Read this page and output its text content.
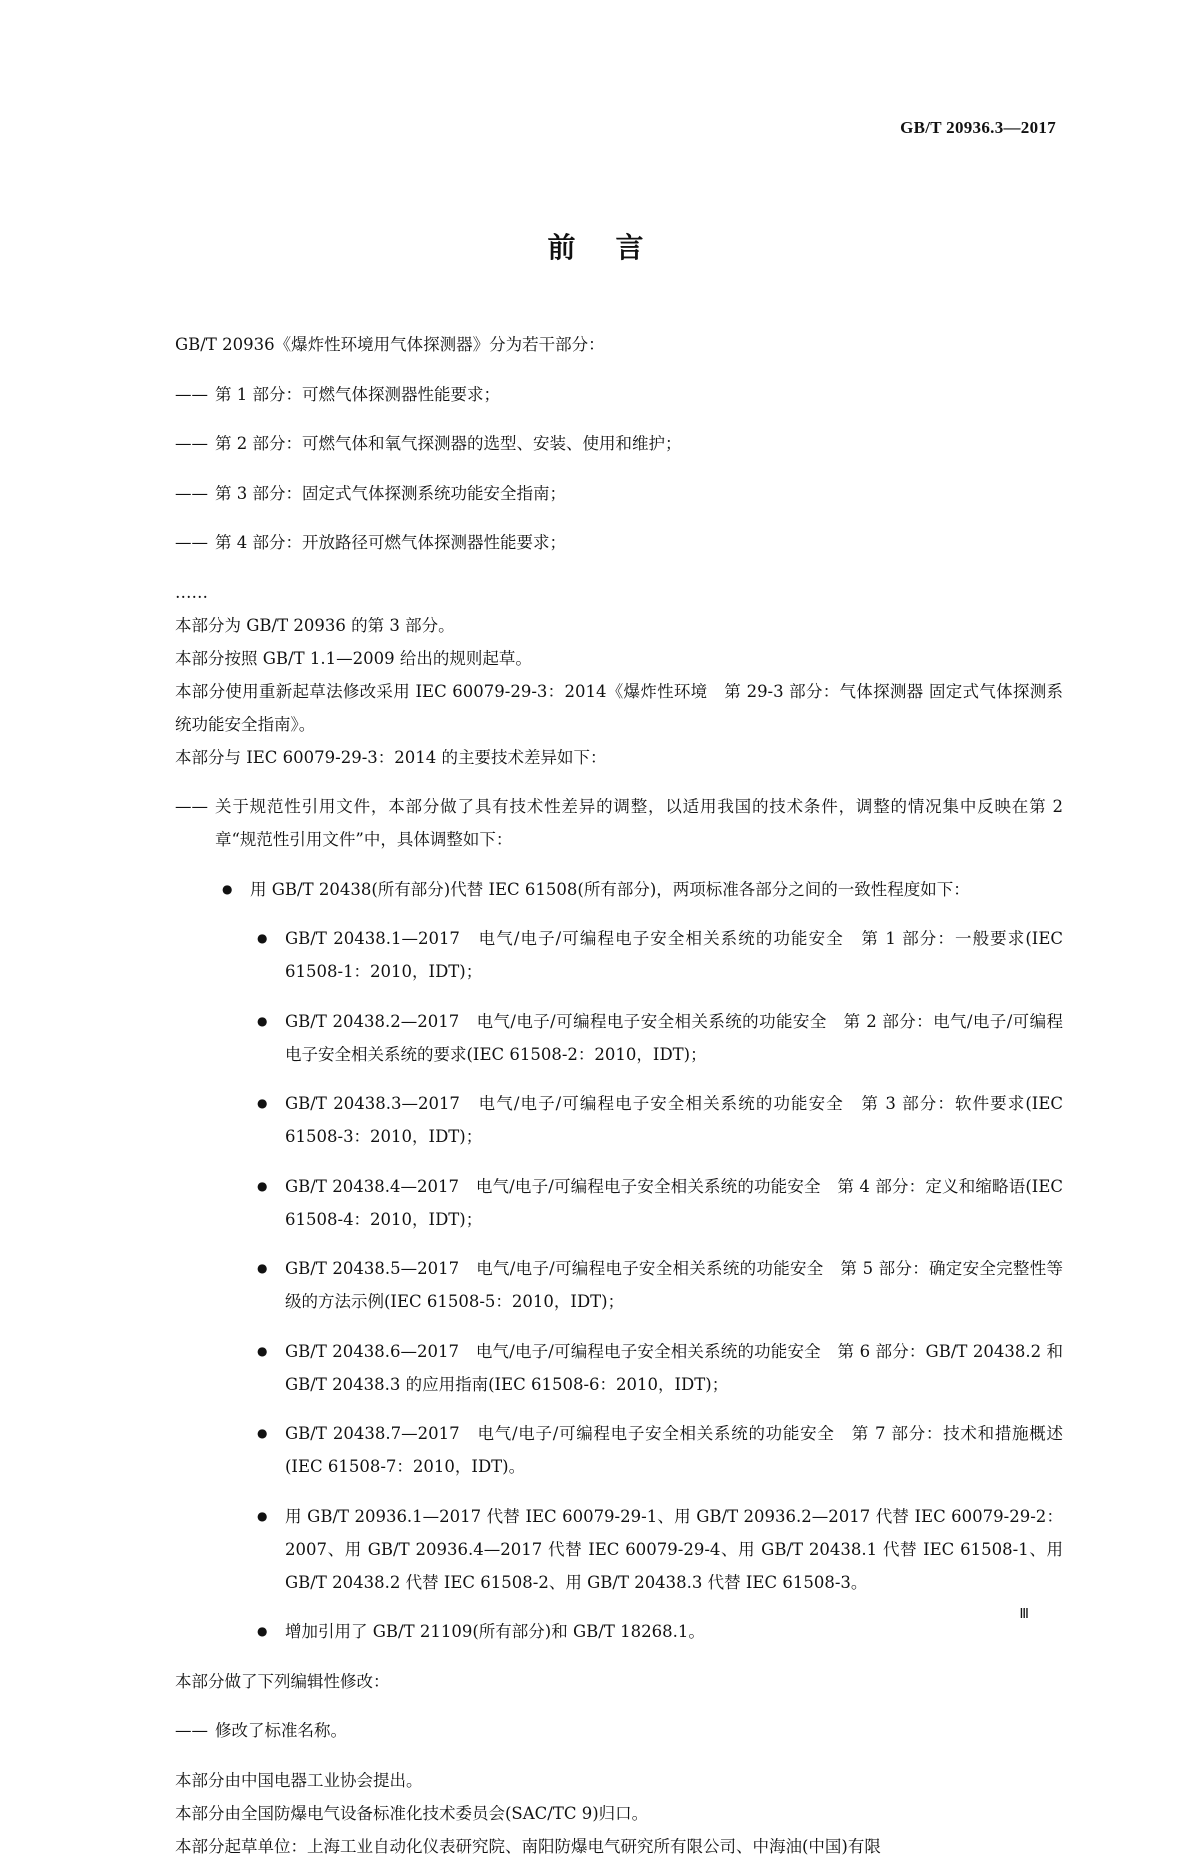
GB/T 20936.3—2017
前言

GB/T 20936《爆炸性环境用气体探测器》分为若干部分：

—— 第 1 部分：可燃气体探测器性能要求；

—— 第 2 部分：可燃气体和氧气探测器的选型、安装、使用和维护；

—— 第 3 部分：固定式气体探测系统功能安全指南；

—— 第 4 部分：开放路径可燃气体探测器性能要求；

……

本部分为 GB/T 20936 的第 3 部分。

本部分按照 GB/T 1.1—2009 给出的规则起草。

本部分使用重新起草法修改采用 IEC 60079-29-3：2014《爆炸性环境　第 29-3 部分：气体探测器 固定式气体探测系统功能安全指南》。

本部分与 IEC 60079-29-3：2014 的主要技术差异如下：

—— 关于规范性引用文件，本部分做了具有技术性差异的调整，以适用我国的技术条件，调整的情况集中反映在第 2 章“规范性引用文件”中，具体调整如下：

● 用 GB/T 20438(所有部分)代替 IEC 61508(所有部分)，两项标准各部分之间的一致性程度如下：

● GB/T 20438.1—2017　电气/电子/可编程电子安全相关系统的功能安全　第 1 部分：一般要求(IEC 61508-1：2010，IDT)；

● GB/T 20438.2—2017　电气/电子/可编程电子安全相关系统的功能安全　第 2 部分：电气/电子/可编程电子安全相关系统的要求(IEC 61508-2：2010，IDT)；

● GB/T 20438.3—2017　电气/电子/可编程电子安全相关系统的功能安全　第 3 部分：软件要求(IEC 61508-3：2010，IDT)；

● GB/T 20438.4—2017　电气/电子/可编程电子安全相关系统的功能安全　第 4 部分：定义和缩略语(IEC 61508-4：2010，IDT)；

● GB/T 20438.5—2017　电气/电子/可编程电子安全相关系统的功能安全　第 5 部分：确定安全完整性等级的方法示例(IEC 61508-5：2010，IDT)；

● GB/T 20438.6—2017　电气/电子/可编程电子安全相关系统的功能安全　第 6 部分：GB/T 20438.2 和 GB/T 20438.3 的应用指南(IEC 61508-6：2010，IDT)；

● GB/T 20438.7—2017　电气/电子/可编程电子安全相关系统的功能安全　第 7 部分：技术和措施概述(IEC 61508-7：2010，IDT)。

● 用 GB/T 20936.1—2017 代替 IEC 60079-29-1、用 GB/T 20936.2—2017 代替 IEC 60079-29-2：2007、用 GB/T 20936.4—2017 代替 IEC 60079-29-4、用 GB/T 20438.1 代替 IEC 61508-1、用 GB/T 20438.2 代替 IEC 61508-2、用 GB/T 20438.3 代替 IEC 61508-3。

● 增加引用了 GB/T 21109(所有部分)和 GB/T 18268.1。

本部分做了下列编辑性修改：

—— 修改了标准名称。

本部分由中国电器工业协会提出。

本部分由全国防爆电气设备标准化技术委员会(SAC/TC 9)归口。

本部分起草单位：上海工业自动化仪表研究院、南阳防爆电气研究所有限公司、中海油(中国)有限

Ⅲ
